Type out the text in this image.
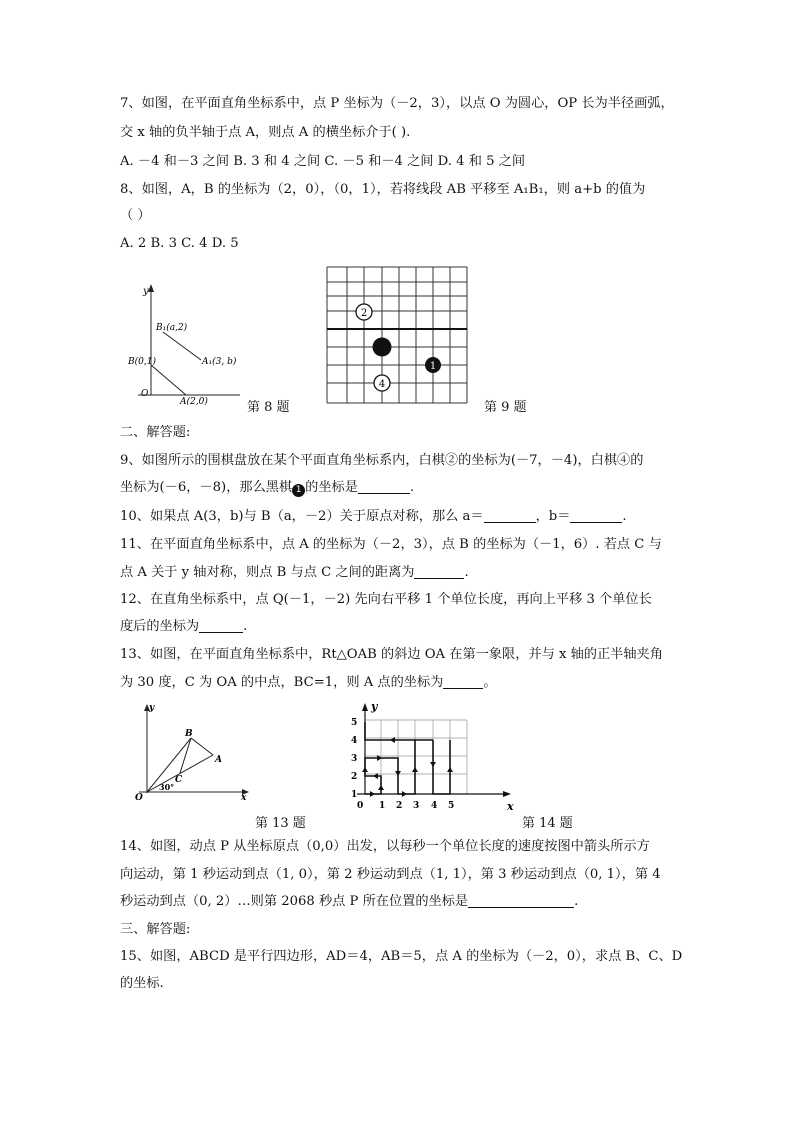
7、如图，在平面直角坐标系中，点 P 坐标为（－2，3），以点 O 为圆心，OP 长为半径画弧，
交 x 轴的负半轴于点 A，则点 A 的横坐标介于( ).
A. －4 和－3 之间 B. 3 和 4 之间 C. －5 和－4 之间 D. 4 和 5 之间
8、如图，A，B 的坐标为（2，0），（0，1），若将线段 AB 平移至 A₁B₁，则 a+b 的值为
（ ）
A. 2 B. 3 C. 4 D. 5
y
B₁(a,2)
A₁(3, b)
B(0,1)
O
A(2,0)	第 8 题
2
1
4
第 9 题
二、解答题:
9、如图所示的围棋盘放在某个平面直角坐标系内，白棋②的坐标为(－7，－4)，白棋④的
坐标为(－6，－8)，那么黑棋 1 的坐标是	.
10、如果点 A(3，b)与 B（a，－2）关于原点对称，那么 a＝	，b＝	.
11、在平面直角坐标系中，点 A 的坐标为（－2，3），点 B 的坐标为（－1，6）. 若点 C 与
点 A 关于 y 轴对称，则点 B 与点 C 之间的距离为	.
12、在直角坐标系中，点 Q(－1，－2) 先向右平移 1 个单位长度，再向上平移 3 个单位长
度后的坐标为	.
13、如图，在平面直角坐标系中，Rt△OAB 的斜边 OA 在第一象限，并与 x 轴的正半轴夹角
为 30 度，C 为 OA 的中点，BC=1，则 A 点的坐标为	。
y
x
O
B
A
C
30°
第 13 题
5
4
3
2
1
0 1 2 3 4 5
y
x
第 14 题
14、如图，动点 P 从坐标原点（0,0）出发，以每秒一个单位长度的速度按图中箭头所示方
向运动，第 1 秒运动到点（1, 0），第 2 秒运动到点（1, 1），第 3 秒运动到点（0, 1），第 4
秒运动到点（0, 2）…则第 2068 秒点 P 所在位置的坐标是	.
三、解答题:
15、如图，ABCD 是平行四边形，AD＝4，AB＝5，点 A 的坐标为（－2，0），求点 B、C、D
的坐标.
